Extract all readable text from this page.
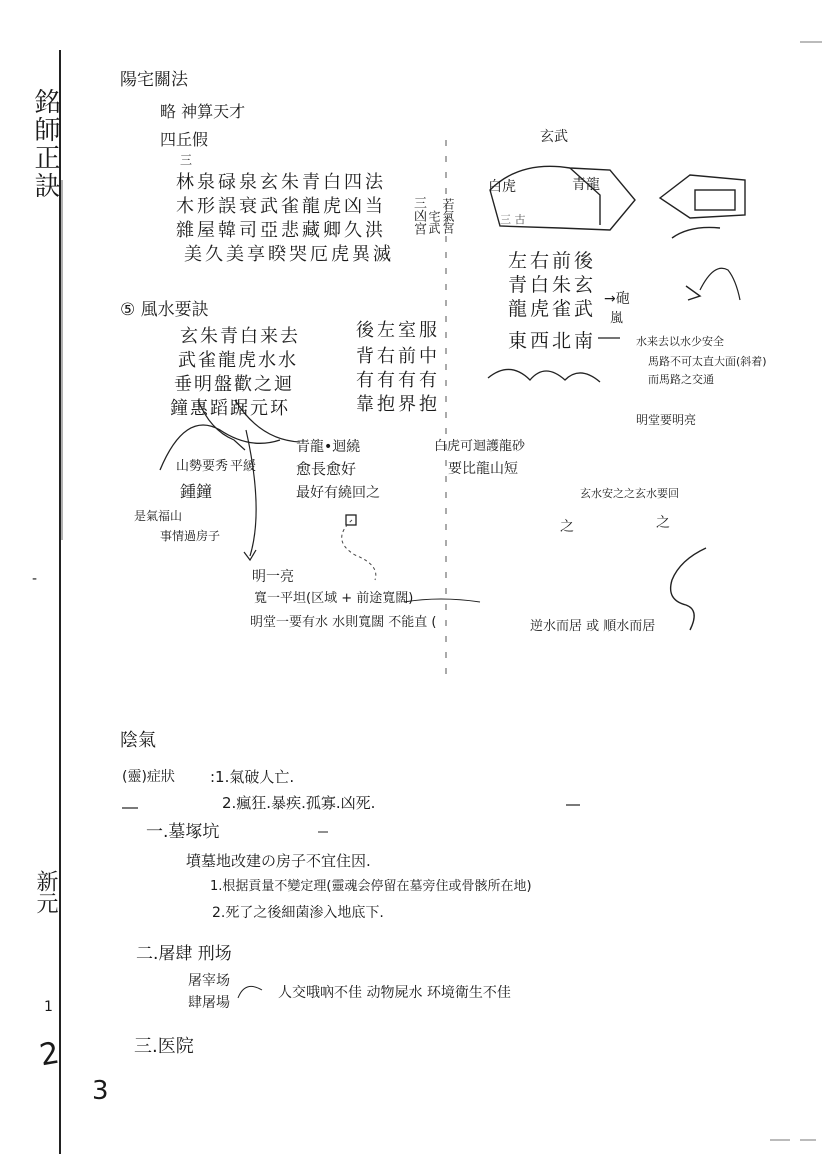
銘師正訣
-
新元
1
2
3
陽宅關法
略 神算天才
四丘假
三
林泉碌泉玄朱青白四法
木形誤衰武雀龍虎凶当
雜屋韓司亞悲藏卿久洪
美久美享睽哭厄虎異滅
三凶宮 宅武 若氣宮
玄武
白虎	青龍
三 古
左右前後
青白朱玄
龍虎雀武
東西北南
→砲
嵐
水来去以水少安全
馬路不可太直大面(斜着)
而馬路之交通
明堂要明亮
⑤ 風水要訣
玄朱青白来去
武雀龍虎水水
垂明盤歡之迴
鐘惠蹈踞元环
後左室服
背右前中
有有有有
靠抱界抱
山勢要秀 平緩
之	之
玄水安之之玄水要回
青龍•迴繞
愈長愈好
最好有繞回之
白虎可迴護龍砂
要比龍山短
鍾鐘
是氣福山
事情過房子
明一亮
寬一平坦(区域 + 前途寬闊)
明堂一要有水 水則寬闊 不能直 (	逆水而居 或 順水而居
陰氣
(靈)症狀 :1.氣破人亡.
2.瘋狂.暴疾.孤寡.凶死.
一.墓塚坑
墳墓地改建の房子不宜住因.
1.根据貢量不變定理(靈魂会停留在墓旁住或骨骸所在地)
2.死了之後細菌渗入地底下.
二.屠肆 刑场
屠宰场
肆屠場
人交哦吶不佳 动物屍水 环境衛生不佳
三.医院
